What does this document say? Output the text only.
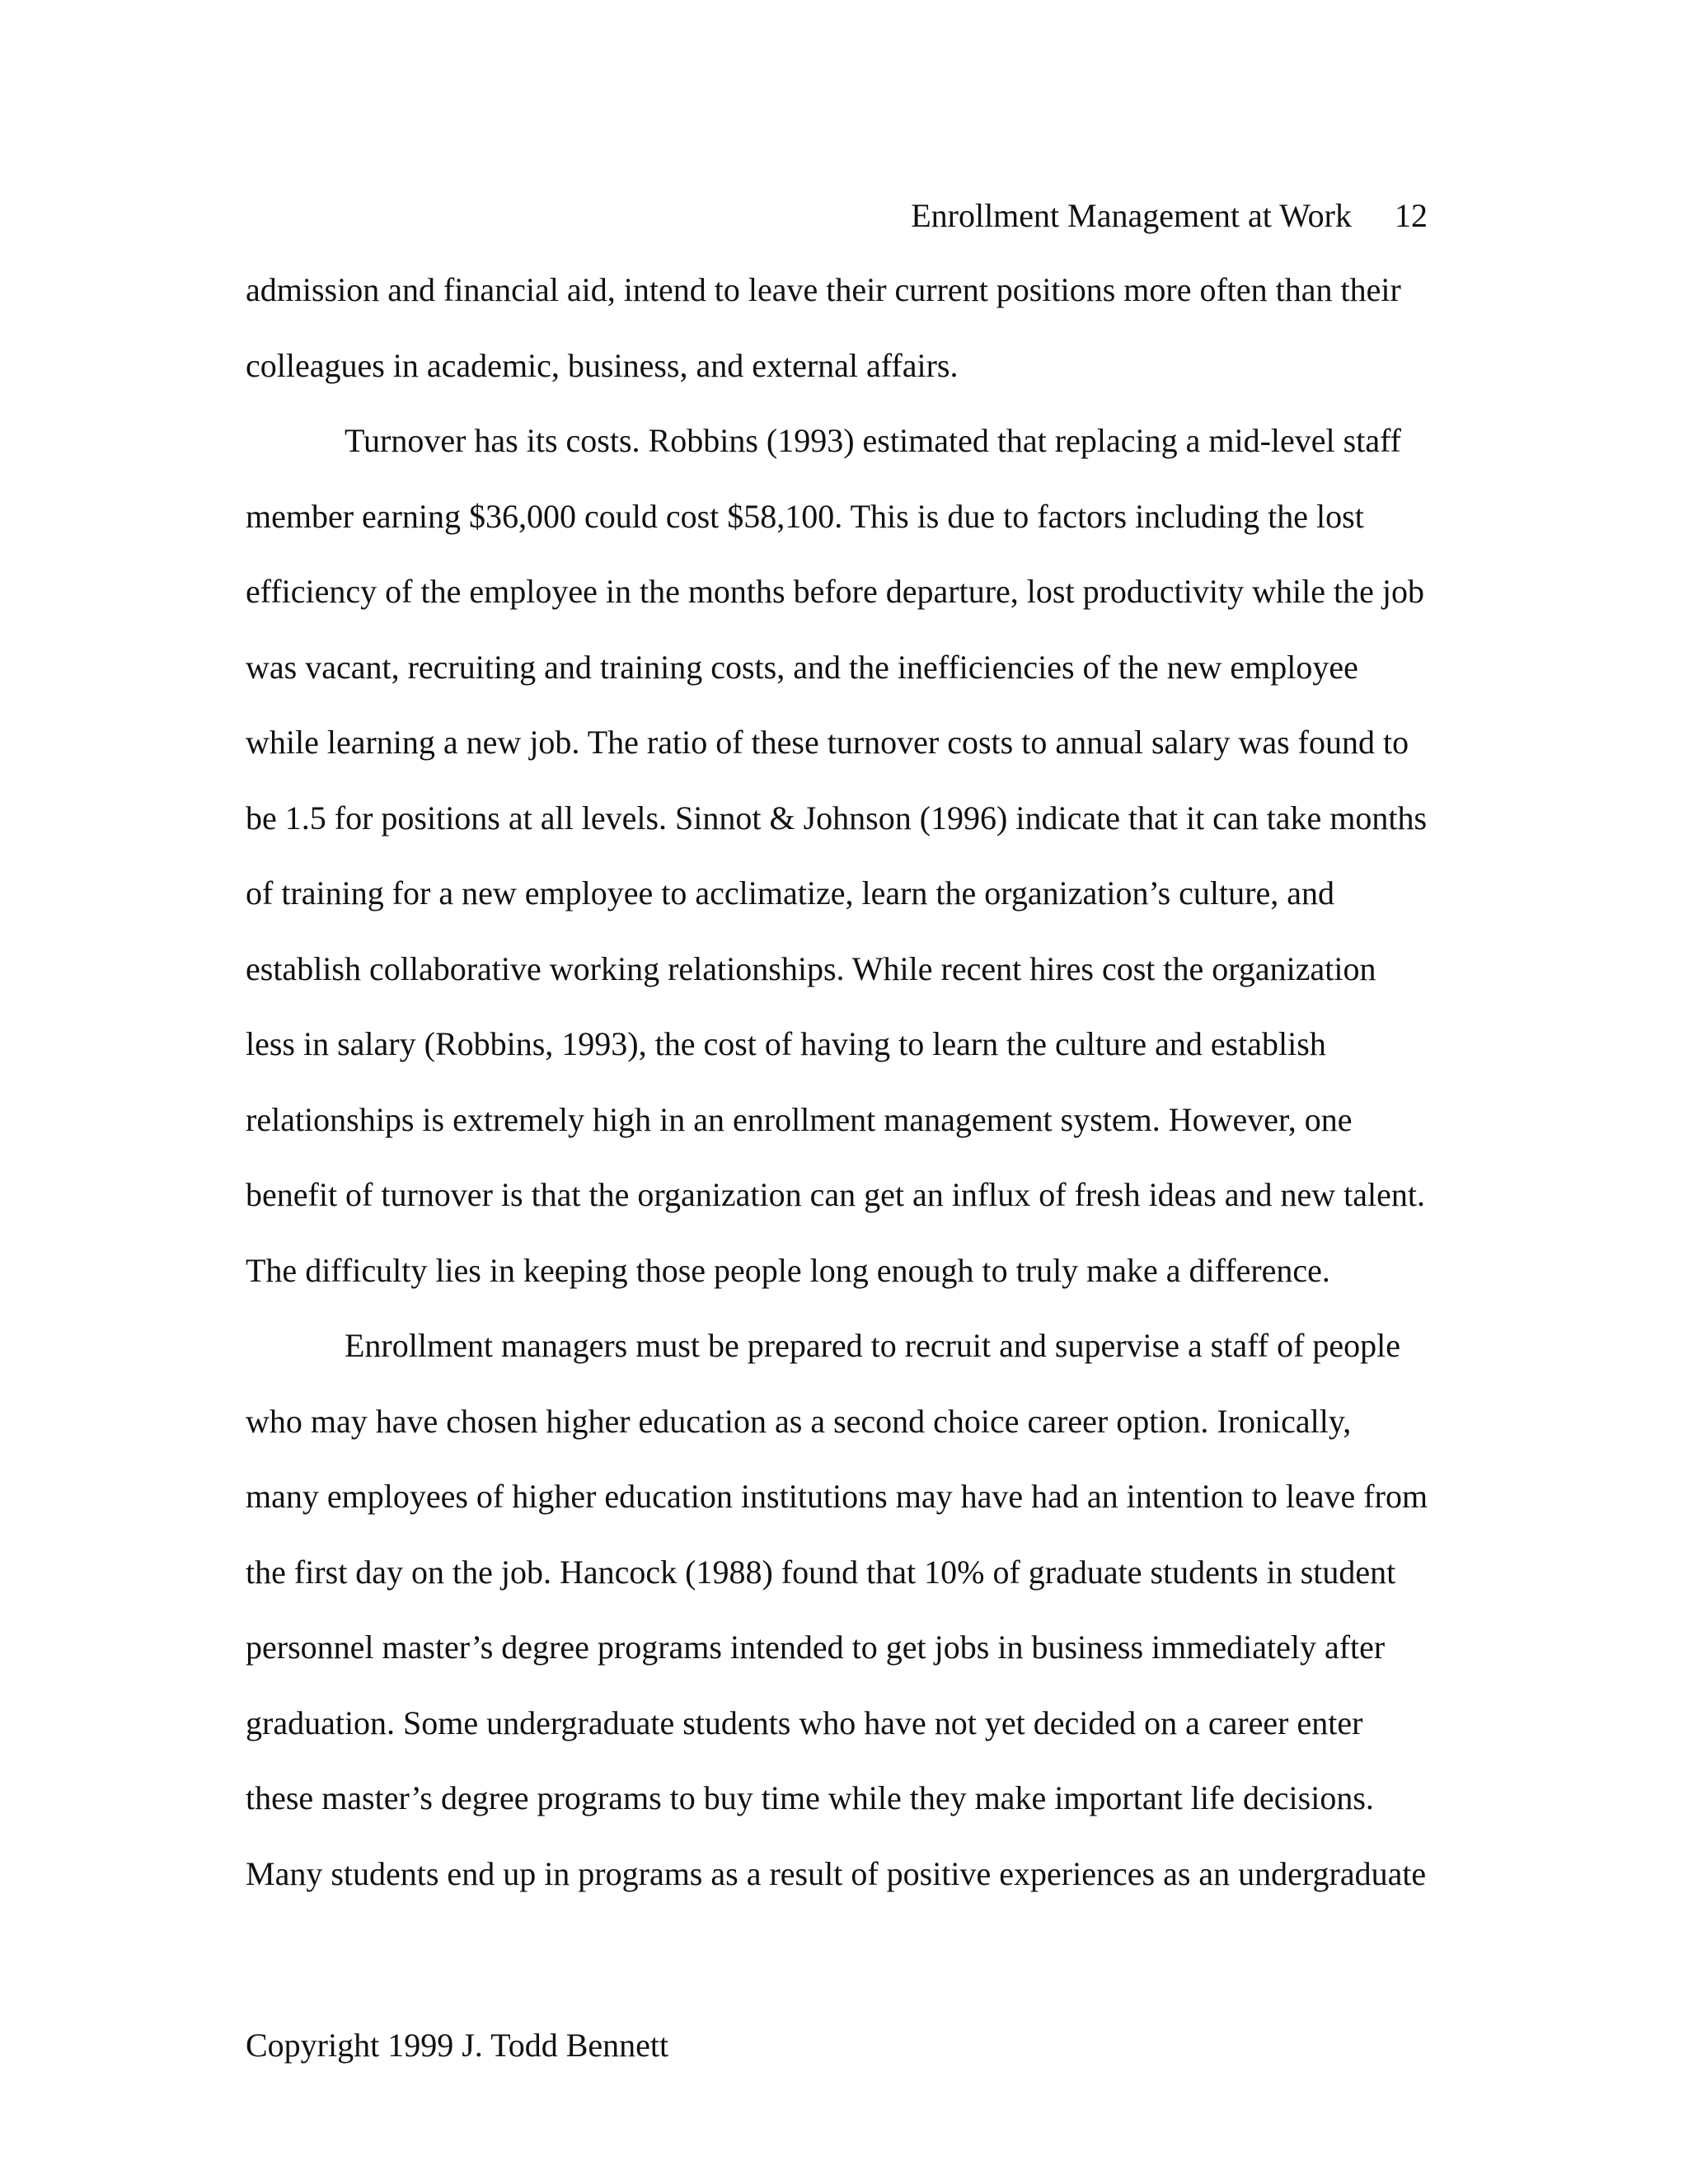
Enrollment Management at Work 12
admission and financial aid, intend to leave their current positions more often than their
colleagues in academic, business, and external affairs.
Turnover has its costs. Robbins (1993) estimated that replacing a mid-level staff
member earning $36,000 could cost $58,100. This is due to factors including the lost
efficiency of the employee in the months before departure, lost productivity while the job
was vacant, recruiting and training costs, and the inefficiencies of the new employee
while learning a new job. The ratio of these turnover costs to annual salary was found to
be 1.5 for positions at all levels. Sinnot & Johnson (1996) indicate that it can take months
of training for a new employee to acclimatize, learn the organization’s culture, and
establish collaborative working relationships. While recent hires cost the organization
less in salary (Robbins, 1993), the cost of having to learn the culture and establish
relationships is extremely high in an enrollment management system. However, one
benefit of turnover is that the organization can get an influx of fresh ideas and new talent.
The difficulty lies in keeping those people long enough to truly make a difference.
Enrollment managers must be prepared to recruit and supervise a staff of people
who may have chosen higher education as a second choice career option. Ironically,
many employees of higher education institutions may have had an intention to leave from
the first day on the job. Hancock (1988) found that 10% of graduate students in student
personnel master’s degree programs intended to get jobs in business immediately after
graduation. Some undergraduate students who have not yet decided on a career enter
these master’s degree programs to buy time while they make important life decisions.
Many students end up in programs as a result of positive experiences as an undergraduate
Copyright 1999 J. Todd Bennett
